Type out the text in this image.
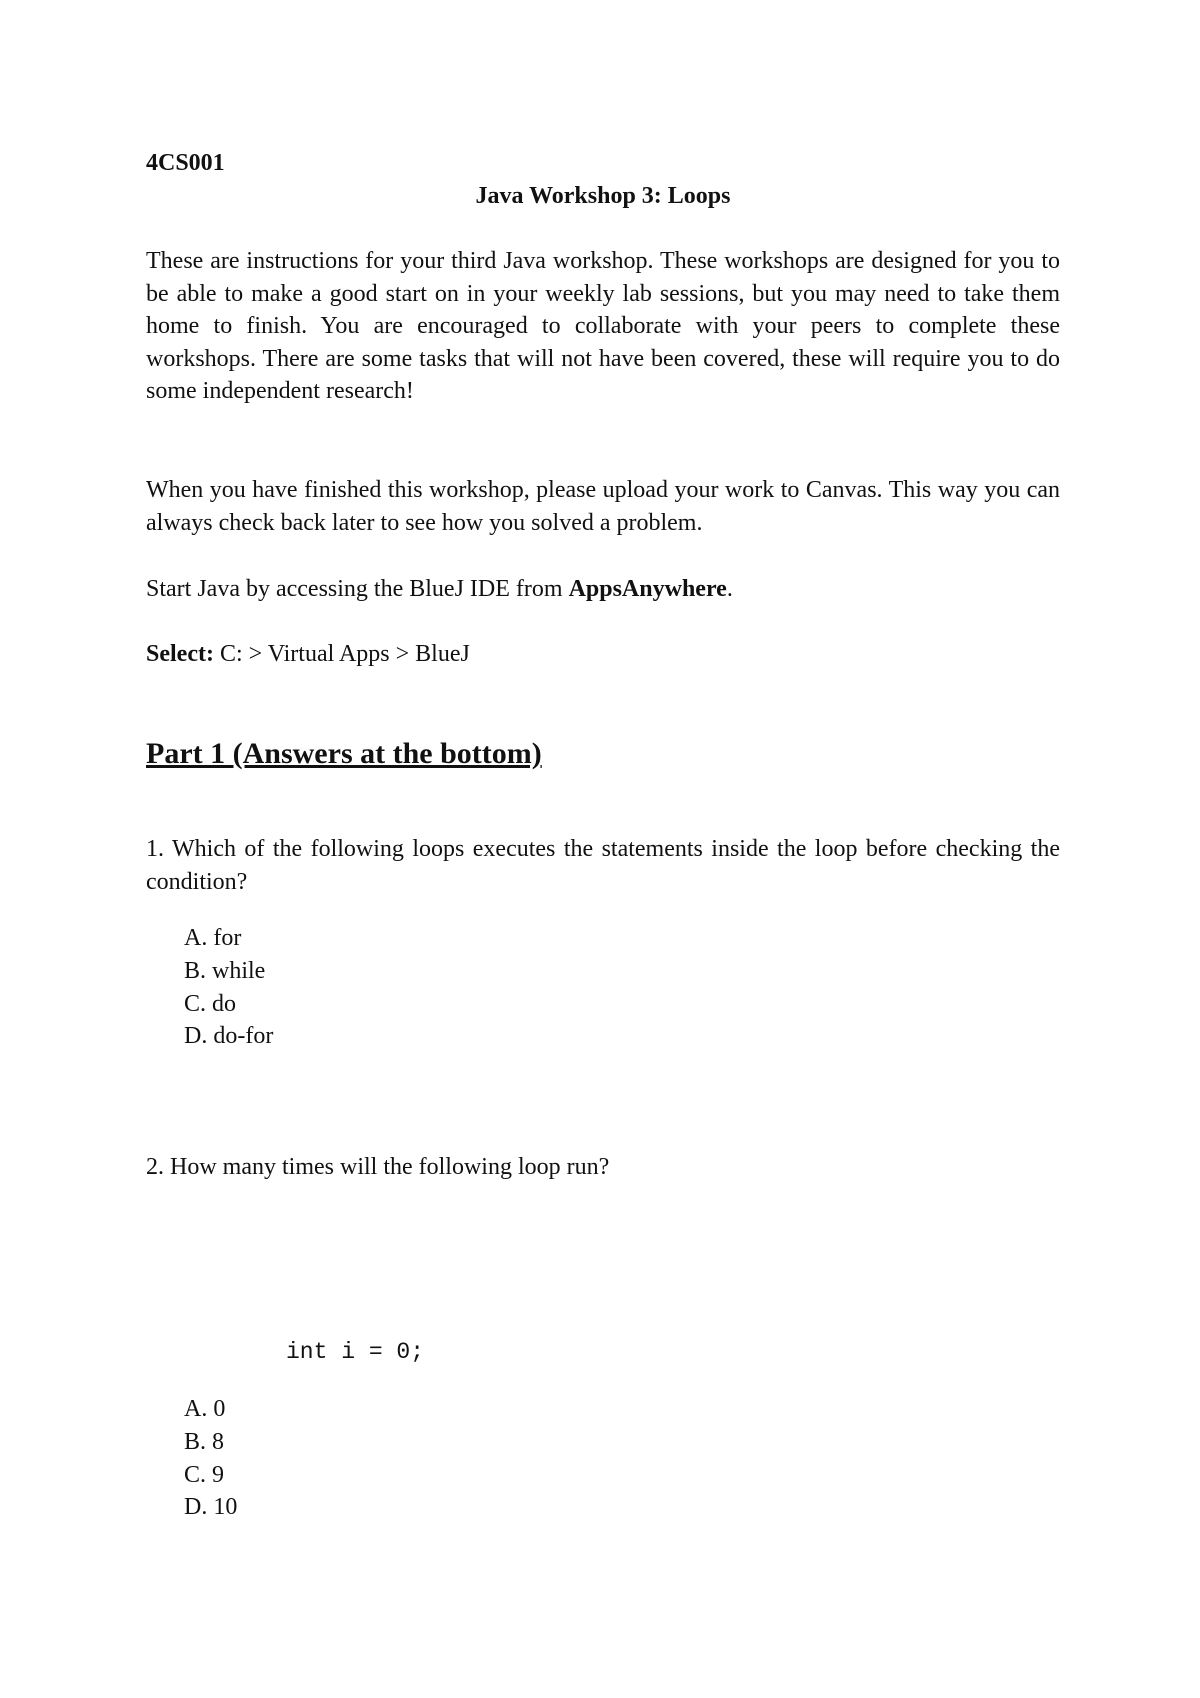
4CS001
Java Workshop 3: Loops

These are instructions for your third Java workshop. These workshops are designed for you to be able to make a good start on in your weekly lab sessions, but you may need to take them home to finish. You are encouraged to collaborate with your peers to complete these workshops. There are some tasks that will not have been covered, these will require you to do some independent research!

When you have finished this workshop, please upload your work to Canvas. This way you can always check back later to see how you solved a problem.

Start Java by accessing the BlueJ IDE from AppsAnywhere.

Select: C: > Virtual Apps > BlueJ

Part 1 (Answers at the bottom)

1. Which of the following loops executes the statements inside the loop before checking the condition?

A. for
B. while
C. do
D. do-for

2. How many times will the following loop run?

int i = 0;
A. 0
B. 8
C. 9
D. 10
